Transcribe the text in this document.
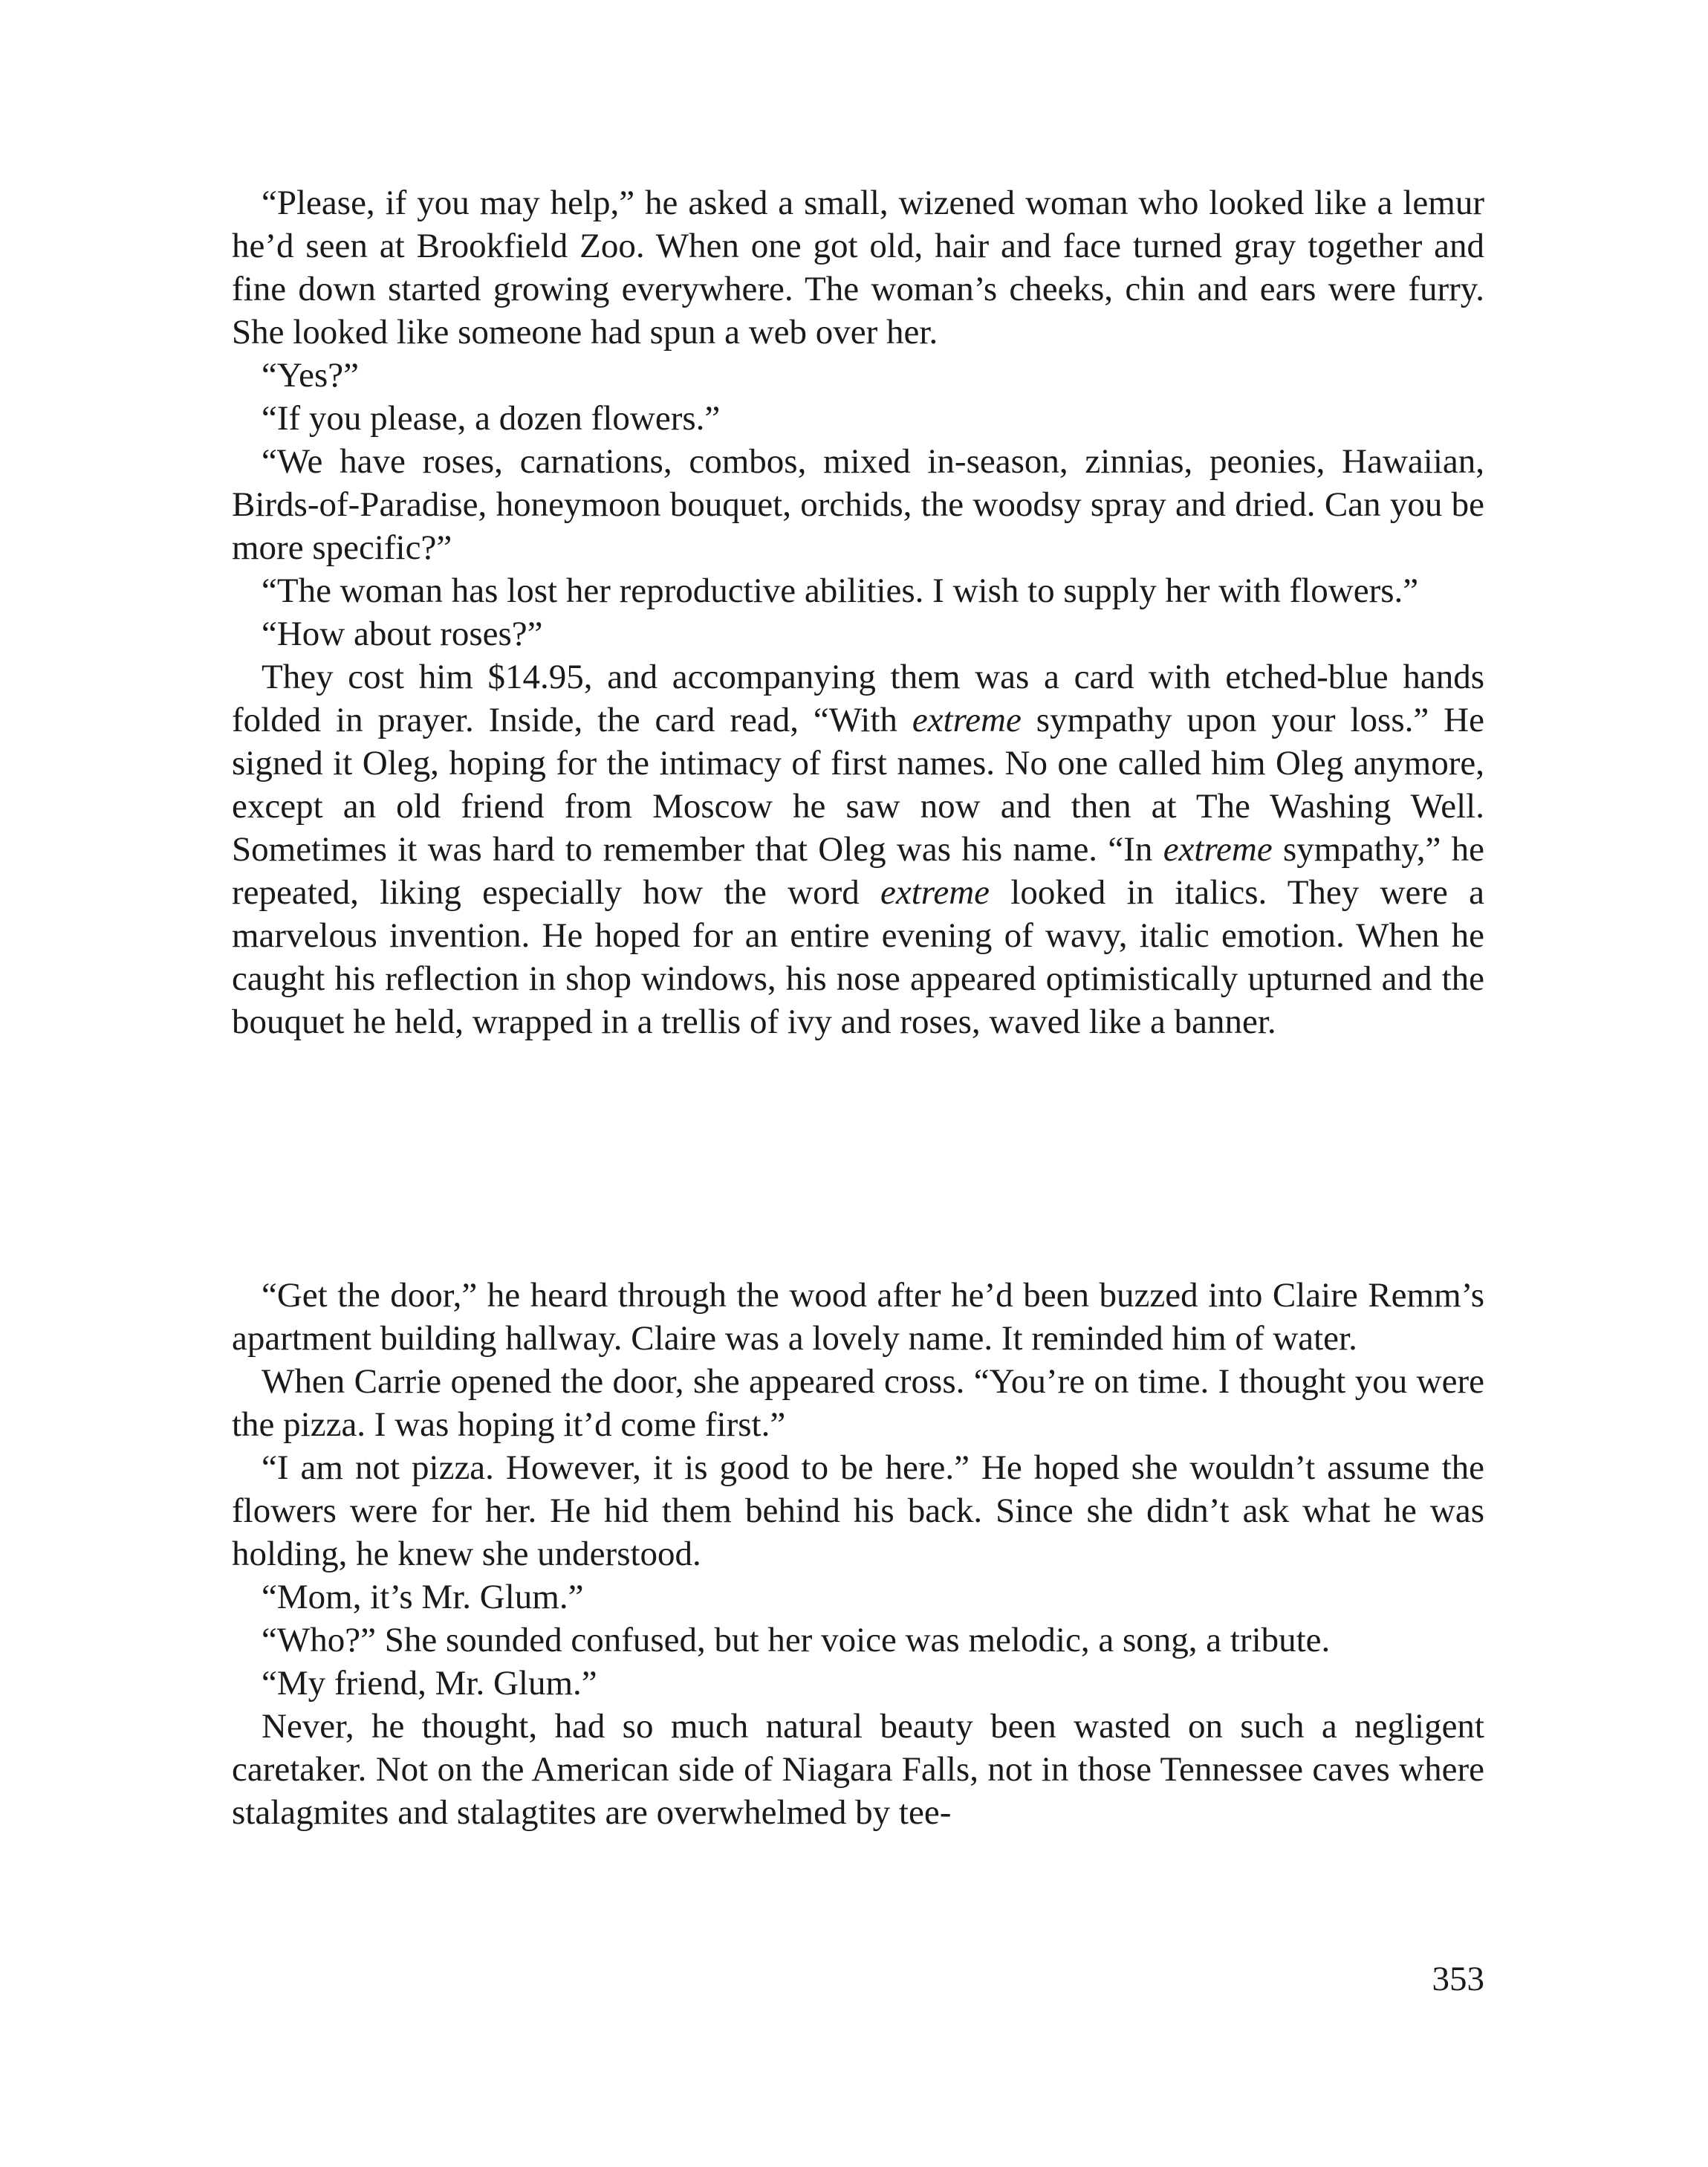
“Please, if you may help,” he asked a small, wizened woman who looked like a lemur he’d seen at Brookfield Zoo. When one got old, hair and face turned gray together and fine down started growing everywhere. The woman’s cheeks, chin and ears were furry. She looked like someone had spun a web over her.

“Yes?”

“If you please, a dozen flowers.”

“We have roses, carnations, combos, mixed in-season, zinnias, peonies, Hawaiian, Birds-of-Paradise, honeymoon bouquet, orchids, the woodsy spray and dried. Can you be more specific?”

“The woman has lost her reproductive abilities. I wish to supply her with flowers.”

“How about roses?”

They cost him $14.95, and accompanying them was a card with etched-blue hands folded in prayer. Inside, the card read, “With extreme sympathy upon your loss.” He signed it Oleg, hoping for the intimacy of first names. No one called him Oleg anymore, except an old friend from Moscow he saw now and then at The Washing Well. Sometimes it was hard to remember that Oleg was his name. “In extreme sympathy,” he repeated, liking especially how the word extreme looked in italics. They were a marvelous invention. He hoped for an entire evening of wavy, italic emotion. When he caught his reflection in shop windows, his nose appeared optimistically upturned and the bouquet he held, wrapped in a trellis of ivy and roses, waved like a banner.

“Get the door,” he heard through the wood after he’d been buzzed into Claire Remm’s apartment building hallway. Claire was a lovely name. It reminded him of water.

When Carrie opened the door, she appeared cross. “You’re on time. I thought you were the pizza. I was hoping it’d come first.”

“I am not pizza. However, it is good to be here.” He hoped she wouldn’t assume the flowers were for her. He hid them behind his back. Since she didn’t ask what he was holding, he knew she understood.

“Mom, it’s Mr. Glum.”

“Who?” She sounded confused, but her voice was melodic, a song, a tribute.

“My friend, Mr. Glum.”

Never, he thought, had so much natural beauty been wasted on such a negligent caretaker. Not on the American side of Niagara Falls, not in those Tennessee caves where stalagmites and stalagtites are overwhelmed by tee-

353
